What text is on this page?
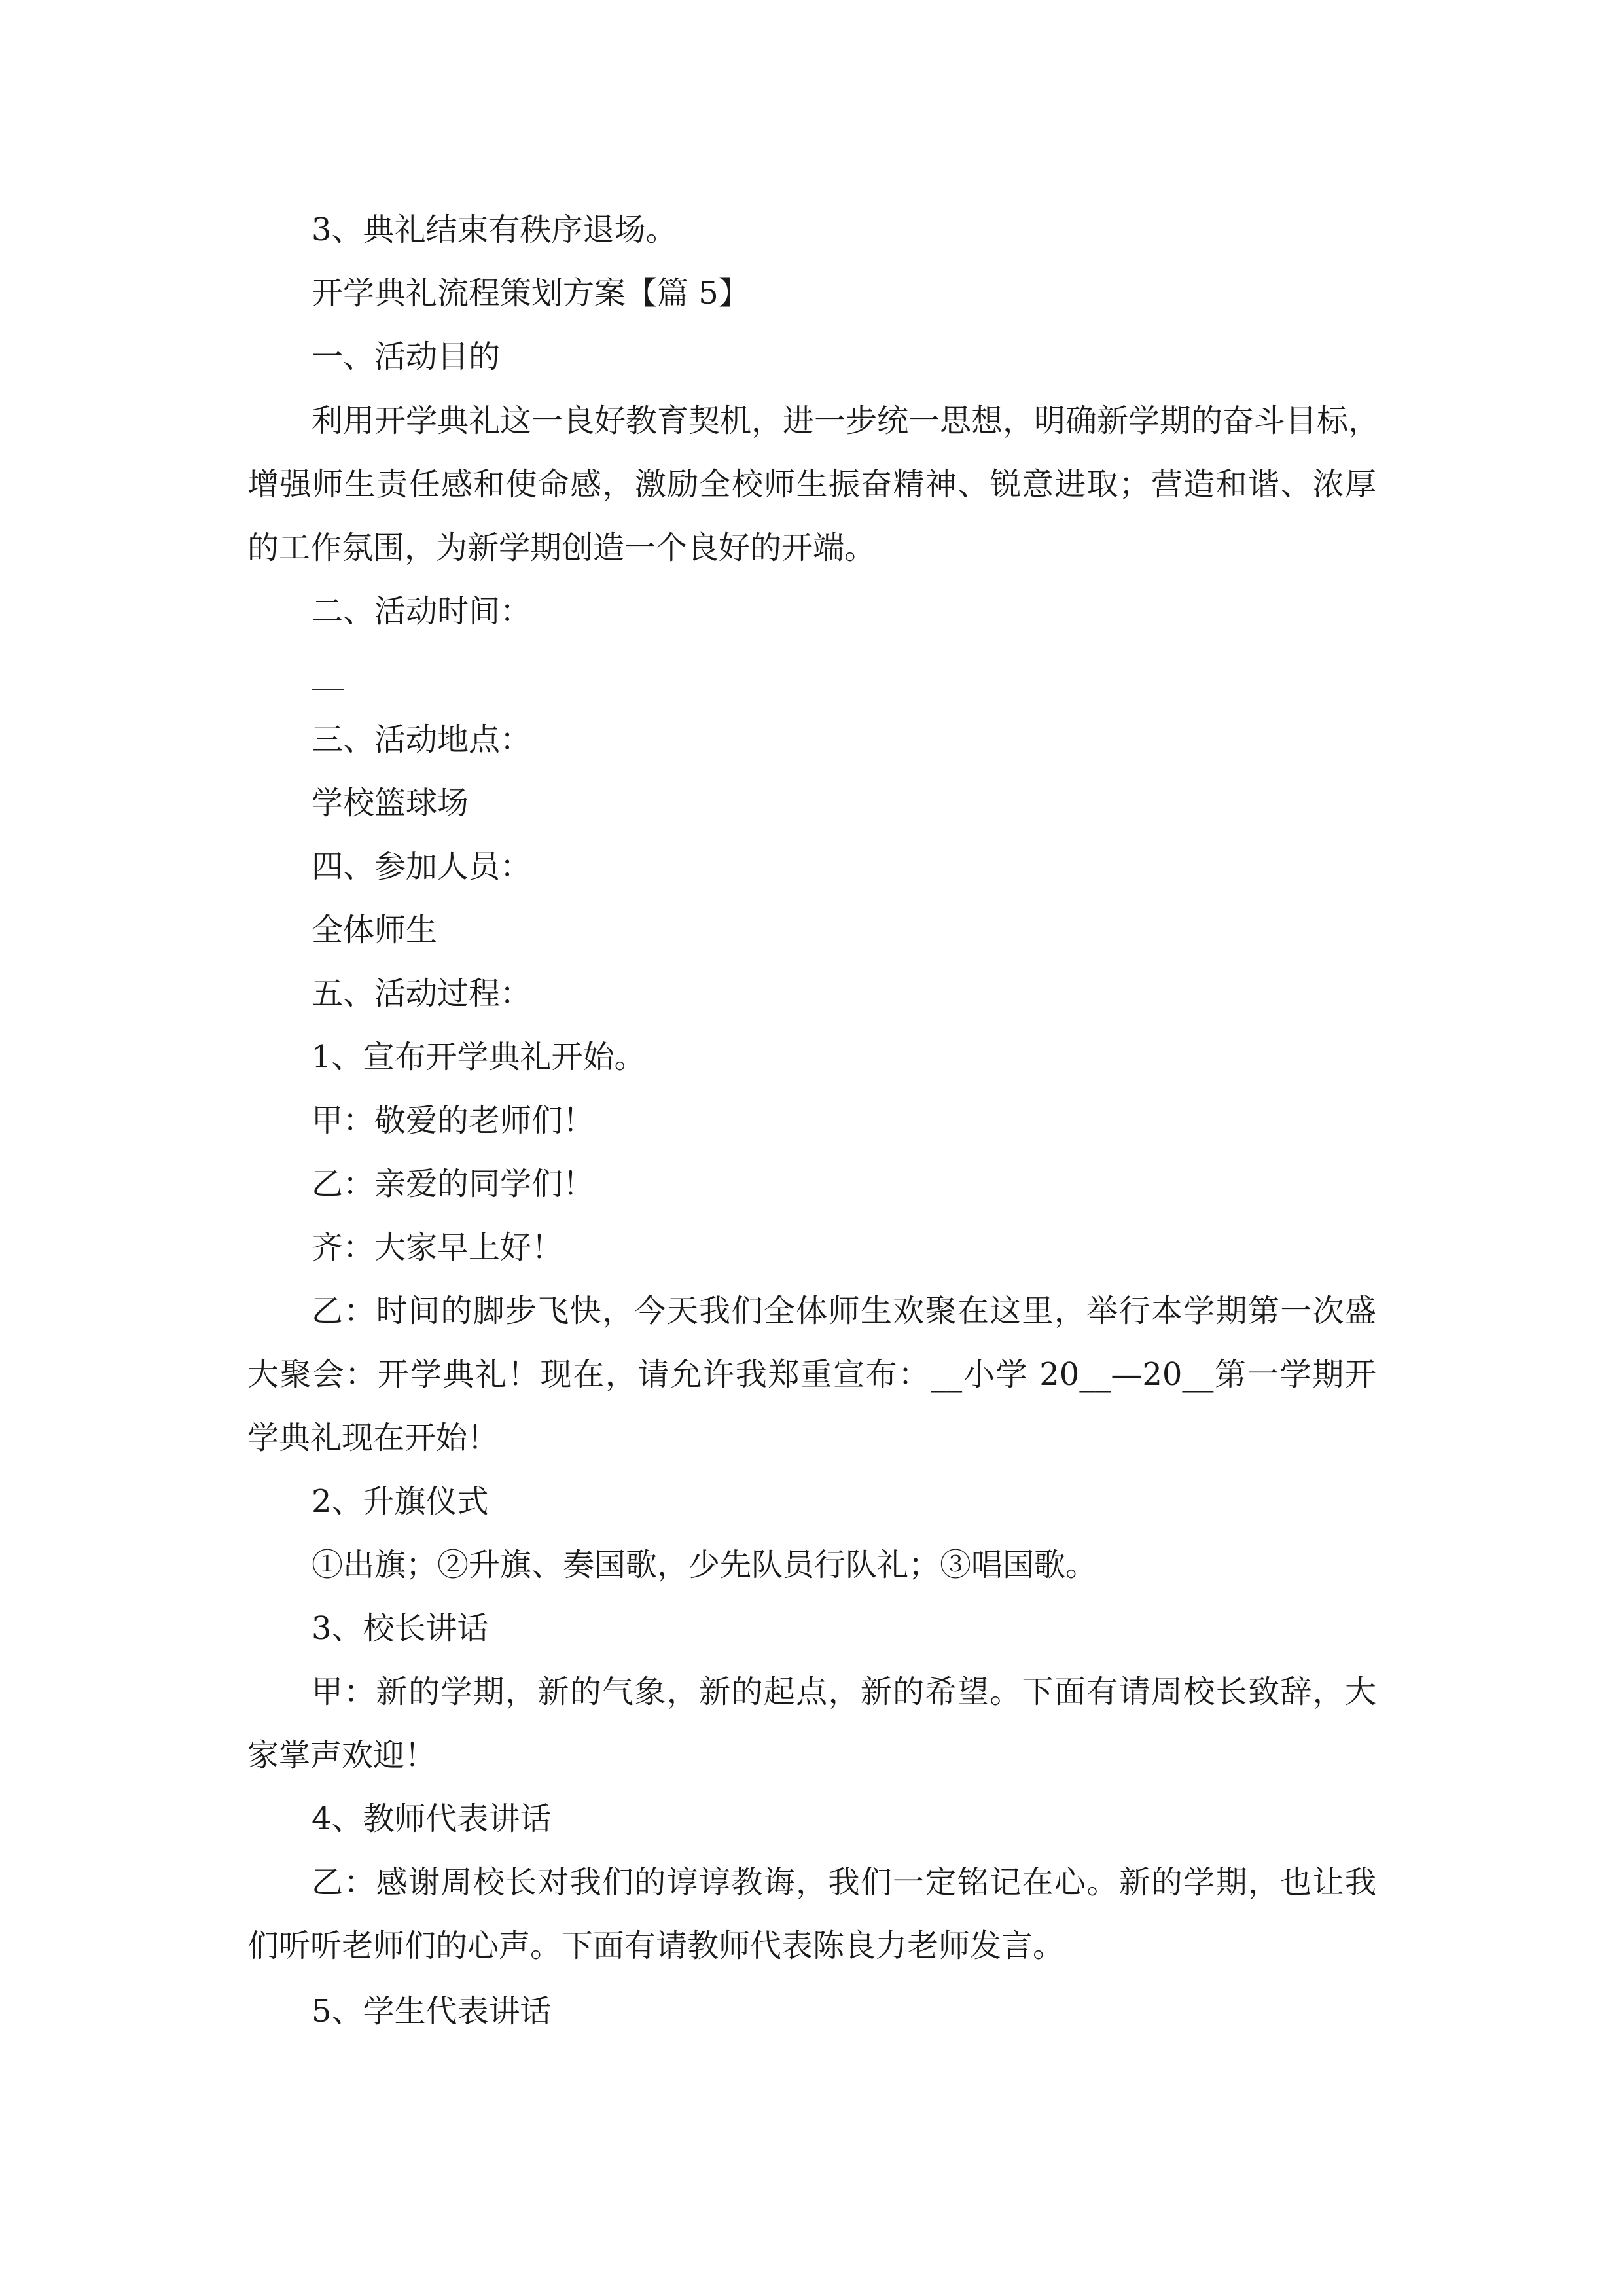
3、典礼结束有秩序退场。
开学典礼流程策划方案【篇 5】
一、活动目的
利用开学典礼这一良好教育契机，进一步统一思想，明确新学期的奋斗目标，
增强师生责任感和使命感，激励全校师生振奋精神、锐意进取；营造和谐、浓厚
的工作氛围，为新学期创造一个良好的开端。
二、活动时间：
三、活动地点：
学校篮球场
四、参加人员：
全体师生
五、活动过程：
1、宣布开学典礼开始。
甲：敬爱的老师们！
乙：亲爱的同学们！
齐：大家早上好！
乙：时间的脚步飞快，今天我们全体师生欢聚在这里，举行本学期第一次盛
大聚会：开学典礼！现在，请允许我郑重宣布：__小学 20__—20__第一学期开
学典礼现在开始！
2、升旗仪式
①出旗；②升旗、奏国歌，少先队员行队礼；③唱国歌。
3、校长讲话
甲：新的学期，新的气象，新的起点，新的希望。下面有请周校长致辞，大
家掌声欢迎！
4、教师代表讲话
乙：感谢周校长对我们的谆谆教诲，我们一定铭记在心。新的学期，也让我
们听听老师们的心声。下面有请教师代表陈良力老师发言。
5、学生代表讲话
